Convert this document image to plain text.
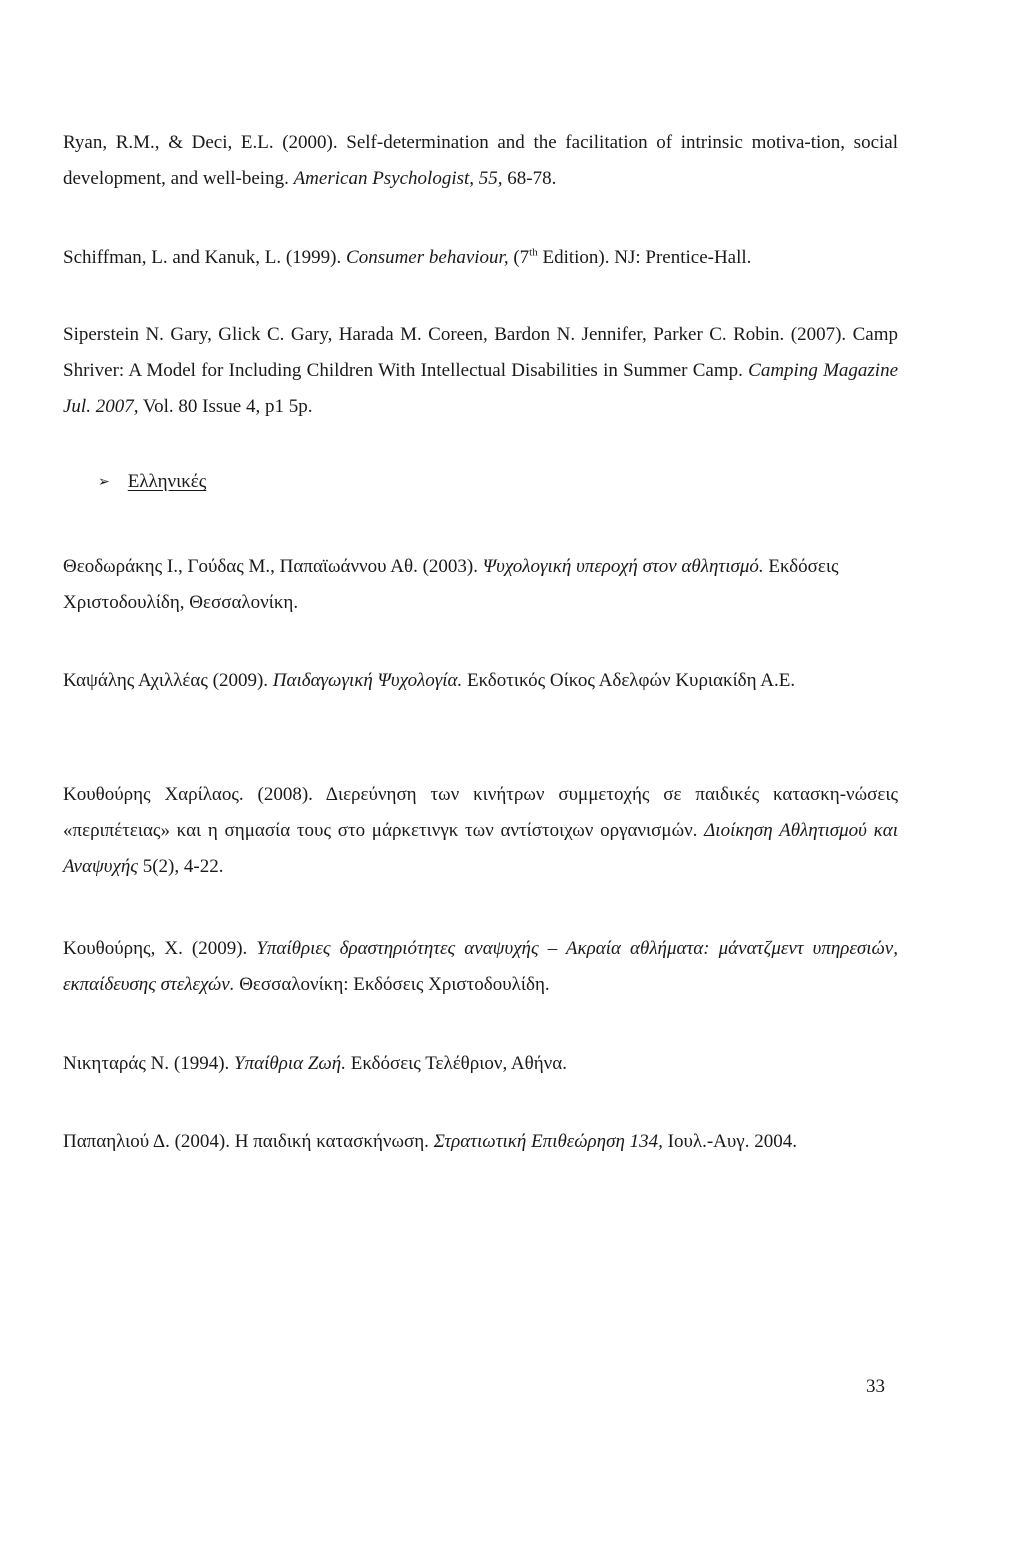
Ryan, R.M., & Deci, E.L. (2000). Self-determination and the facilitation of intrinsic motiva-tion, social development, and well-being. American Psychologist, 55, 68-78.

Schiffman, L. and Kanuk, L. (1999). Consumer behaviour, (7th Edition). NJ: Prentice-Hall.

Siperstein N. Gary, Glick C. Gary, Harada M. Coreen, Bardon N. Jennifer, Parker C. Robin. (2007). Camp Shriver: A Model for Including Children With Intellectual Disabilities in Summer Camp. Camping Magazine Jul. 2007, Vol. 80 Issue 4, p1 5p.

➢ Ελληνικές

Θεοδωράκης Ι., Γούδας Μ., Παπαϊωάννου Αθ. (2003). Ψυχολογική υπεροχή στον αθλητισμό. Εκδόσεις Χριστοδουλίδη, Θεσσαλονίκη.

Καψάλης Αχιλλέας (2009). Παιδαγωγική Ψυχολογία. Εκδοτικός Οίκος Αδελφών Κυριακίδη Α.Ε.

Κουθούρης Χαρίλαος. (2008). Διερεύνηση των κινήτρων συμμετοχής σε παιδικές κατασκη-νώσεις «περιπέτειας» και η σημασία τους στο μάρκετινγκ των αντίστοιχων οργανισμών. Διοίκηση Αθλητισμού και Αναψυχής 5(2), 4-22.

Κουθούρης, Χ. (2009). Υπαίθριες δραστηριότητες αναψυχής – Ακραία αθλήματα: μάνατζμεντ υπηρεσιών, εκπαίδευσης στελεχών. Θεσσαλονίκη: Εκδόσεις Χριστοδουλίδη.

Νικηταράς Ν. (1994). Υπαίθρια Ζωή. Εκδόσεις Τελέθριον, Αθήνα.

Παπαηλιού Δ. (2004). Η παιδική κατασκήνωση. Στρατιωτική Επιθεώρηση 134, Ιουλ.-Αυγ. 2004.

33
